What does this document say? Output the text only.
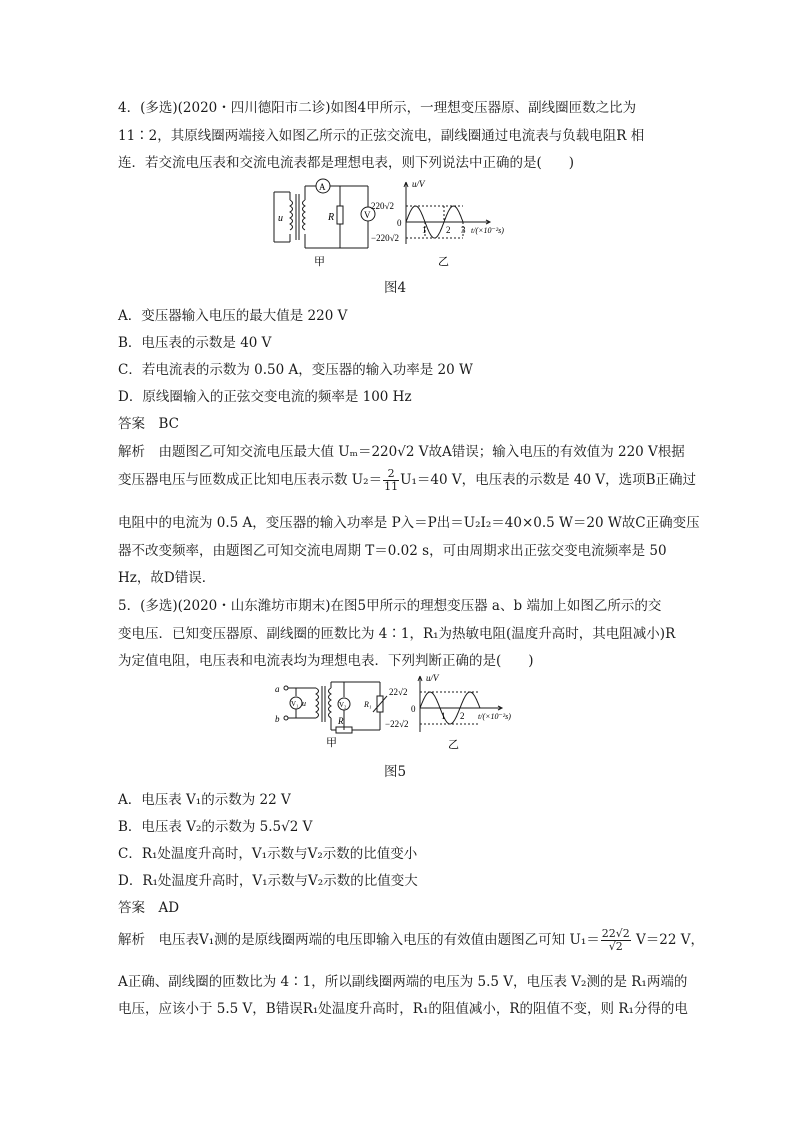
4．(多选)(2020・四川德阳市二诊)如图4甲所示，一理想变压器原、副线圈匝数之比为
11∶2，其原线圈两端接入如图乙所示的正弦交流电，副线圈通过电流表与负载电阻R 相
连．若交流电压表和交流电流表都是理想电表，则下列说法中正确的是(　　)
u
A
R	V
甲
u/V
220√2
0
−220√2
1 2 3 t/(×10⁻²s)
乙
图4
A．变压器输入电压的最大值是 220 V
B．电压表的示数是 40 V
C．若电流表的示数为 0.50 A，变压器的输入功率是 20 W
D．原线圈输入的正弦交变电流的频率是 100 Hz
答案　BC
解析　由题图乙可知交流电压最大值 Uₘ＝220√2 V故A错误；输入电压的有效值为 220 V根据
变压器电压与匝数成正比知电压表示数 $U_2= \frac{2}{11} U_1=40$ V，电压表的示数是 40 V，选项B正确过
电阻中的电流为 0.5 A，变压器的输入功率是 P入＝P出＝U₂I₂＝40×0.5 W＝20 W故C正确变压
器不改变频率，由题图乙可知交流电周期 T＝0.02 s，可由周期求出正弦交变电流频率是 50
Hz，故D错误．
5．(多选)(2020・山东潍坊市期末)在图5甲所示的理想变压器 a、b 端加上如图乙所示的交
变电压．已知变压器原、副线圈的匝数比为 4∶1，R₁为热敏电阻(温度升高时，其电阻减小)R
为定值电阻，电压表和电流表均为理想电表．下列判断正确的是(　　)
a
b
u
V₁	V₂
R
R₁
甲
u/V
22√2
0
−22√2
1 2 t/(×10⁻²s)
乙
图5
A．电压表 V₁的示数为 22 V
B．电压表 V₂的示数为 5.5√2 V
C．R₁处温度升高时，V₁示数与V₂示数的比值变小
D．R₁处温度升高时，V₁示数与V₂示数的比值变大
答案　AD
解析　电压表V₁测的是原线圈两端的电压即输入电压的有效值由题图乙可知 $U_1= \frac{22√2}{√2} V=22$ V，
A正确、副线圈的匝数比为 4∶1，所以副线圈两端的电压为 5.5 V，电压表 V₂测的是 R₁两端的
电压，应该小于 5.5 V，B错误R₁处温度升高时，R₁的阻值减小，R的阻值不变，则 R₁分得的电
